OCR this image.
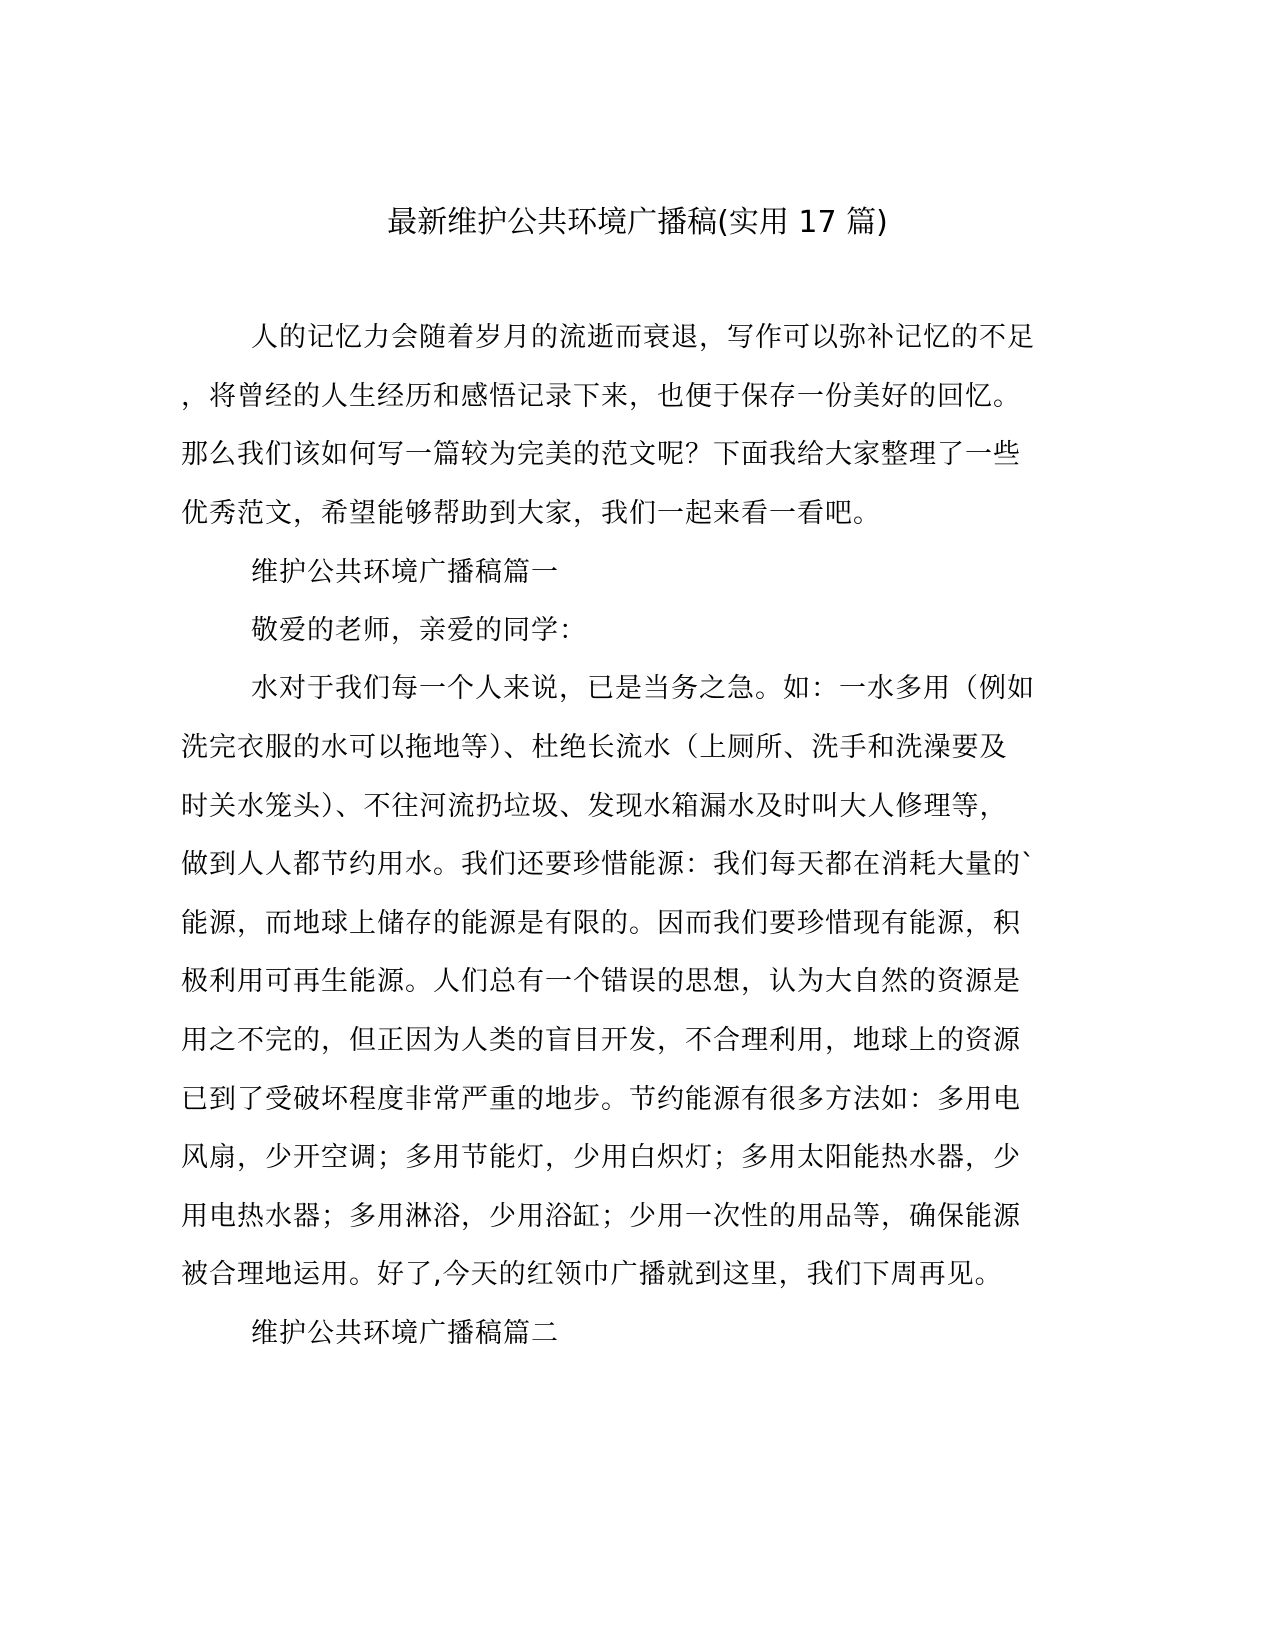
最新维护公共环境广播稿(实用 17 篇)
人的记忆力会随着岁月的流逝而衰退，写作可以弥补记忆的不足
，将曾经的人生经历和感悟记录下来，也便于保存一份美好的回忆。
那么我们该如何写一篇较为完美的范文呢？下面我给大家整理了一些
优秀范文，希望能够帮助到大家，我们一起来看一看吧。
维护公共环境广播稿篇一
敬爱的老师，亲爱的同学：
水对于我们每一个人来说，已是当务之急。如：一水多用（例如
洗完衣服的水可以拖地等）、杜绝长流水（上厕所、洗手和洗澡要及
时关水笼头）、不往河流扔垃圾、发现水箱漏水及时叫大人修理等，
做到人人都节约用水。我们还要珍惜能源：我们每天都在消耗大量的`
能源，而地球上储存的能源是有限的。因而我们要珍惜现有能源，积
极利用可再生能源。人们总有一个错误的思想，认为大自然的资源是
用之不完的，但正因为人类的盲目开发，不合理利用，地球上的资源
已到了受破坏程度非常严重的地步。节约能源有很多方法如：多用电
风扇，少开空调；多用节能灯，少用白炽灯；多用太阳能热水器，少
用电热水器；多用淋浴，少用浴缸；少用一次性的用品等，确保能源
被合理地运用。好了,今天的红领巾广播就到这里，我们下周再见。
维护公共环境广播稿篇二
